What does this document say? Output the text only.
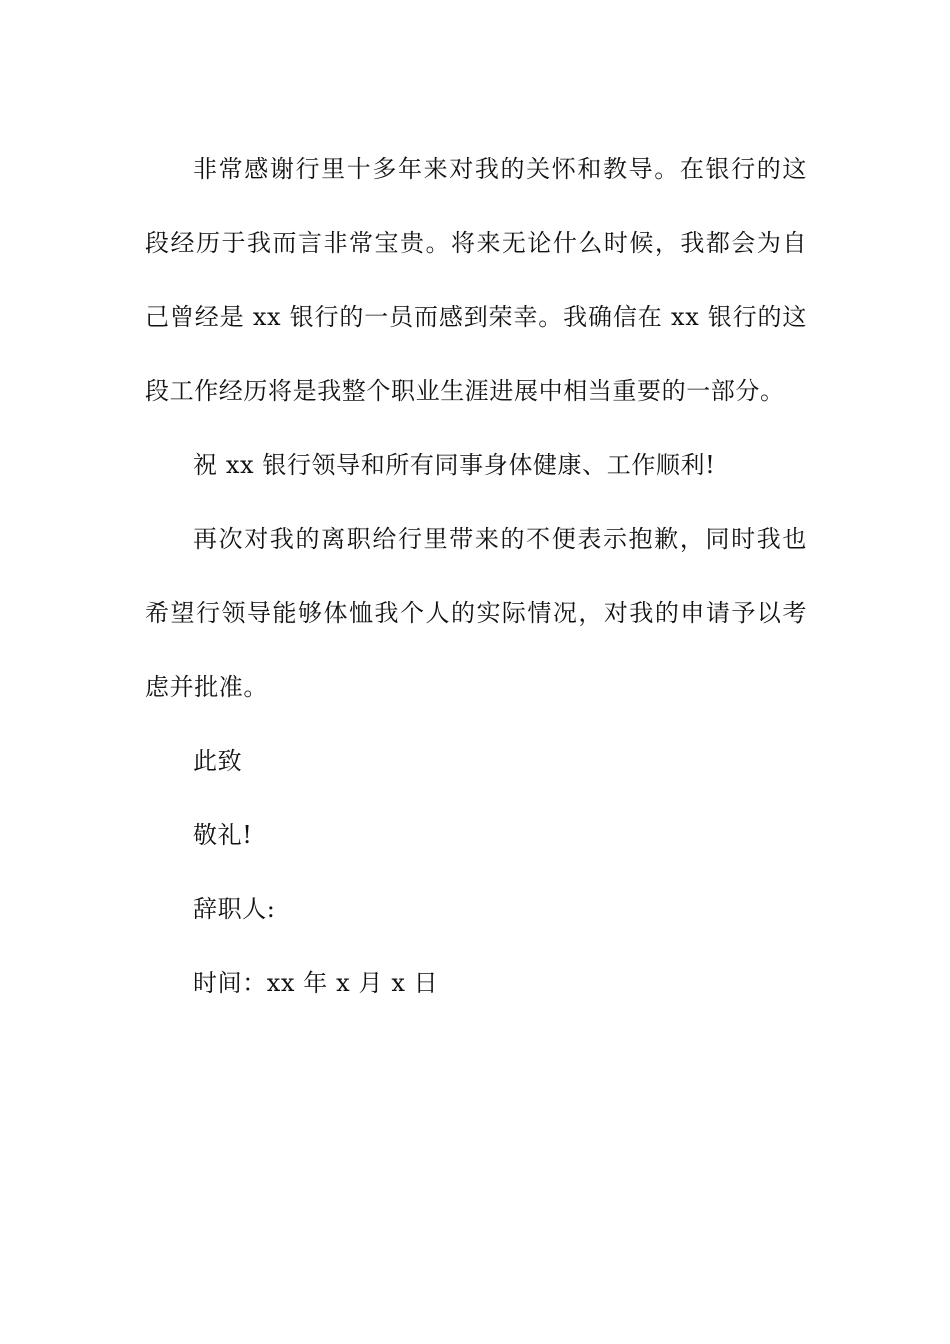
非常感谢行里十多年来对我的关怀和教导。在银行的这段经历于我而言非常宝贵。将来无论什么时候，我都会为自己曾经是 xx 银行的一员而感到荣幸。我确信在 xx 银行的这段工作经历将是我整个职业生涯进展中相当重要的一部分。

祝 xx 银行领导和所有同事身体健康、工作顺利!

再次对我的离职给行里带来的不便表示抱歉，同时我也希望行领导能够体恤我个人的实际情况，对我的申请予以考虑并批准。

此致
敬礼!
辞职人:
时间：xx 年 x 月 x 日
